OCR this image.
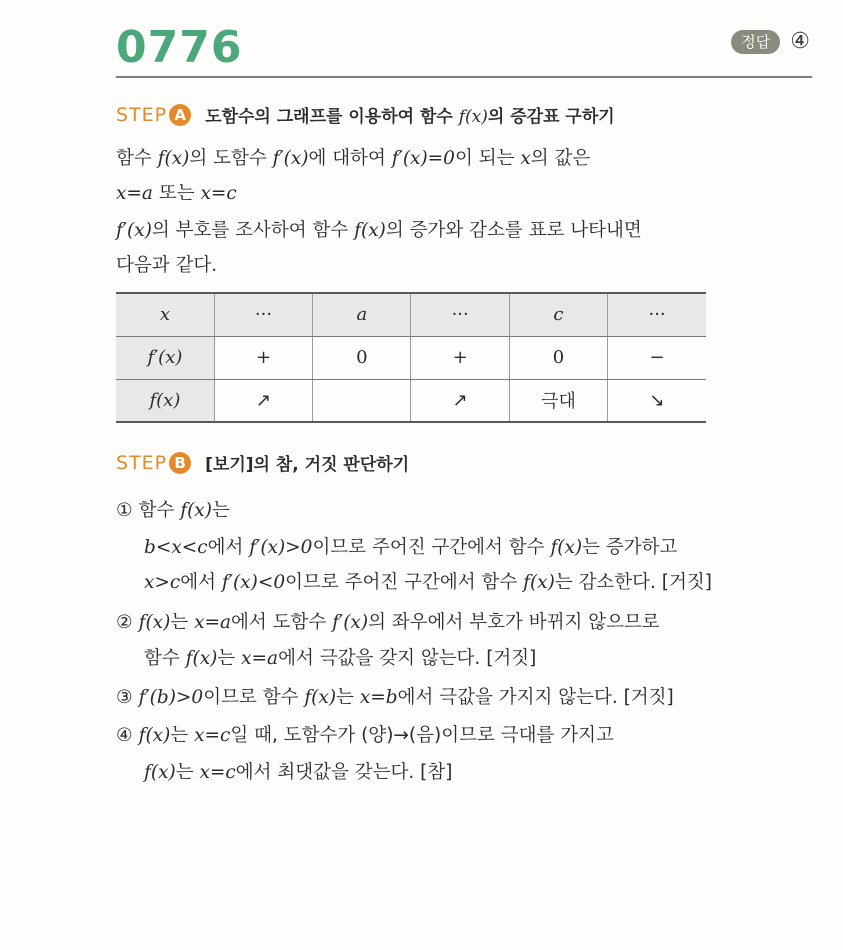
0776	정답 ④
STEP A	도함수의 그래프를 이용하여 함수 f(x)의 증감표 구하기
함수 f(x)의 도함수 f′(x)에 대하여 f′(x)=0이 되는 x의 값은
x=a 또는 x=c
f′(x)의 부호를 조사하여 함수 f(x)의 증가와 감소를 표로 나타내면
다음과 같다.
x	···	a	···	c	···
f′(x)	+	0	+	0	−
f(x)	↗		↗	극대	↘
STEP B	[보기]의 참, 거짓 판단하기
① 함수 f(x)는
b<x<c에서 f′(x)>0이므로 주어진 구간에서 함수 f(x)는 증가하고
x>c에서 f′(x)<0이므로 주어진 구간에서 함수 f(x)는 감소한다. [거짓]
② f(x)는 x=a에서 도함수 f′(x)의 좌우에서 부호가 바뀌지 않으므로
함수 f(x)는 x=a에서 극값을 갖지 않는다. [거짓]
③ f′(b)>0이므로 함수 f(x)는 x=b에서 극값을 가지지 않는다. [거짓]
④ f(x)는 x=c일 때, 도함수가 (양)→(음)이므로 극대를 가지고
f(x)는 x=c에서 최댓값을 갖는다. [참]
